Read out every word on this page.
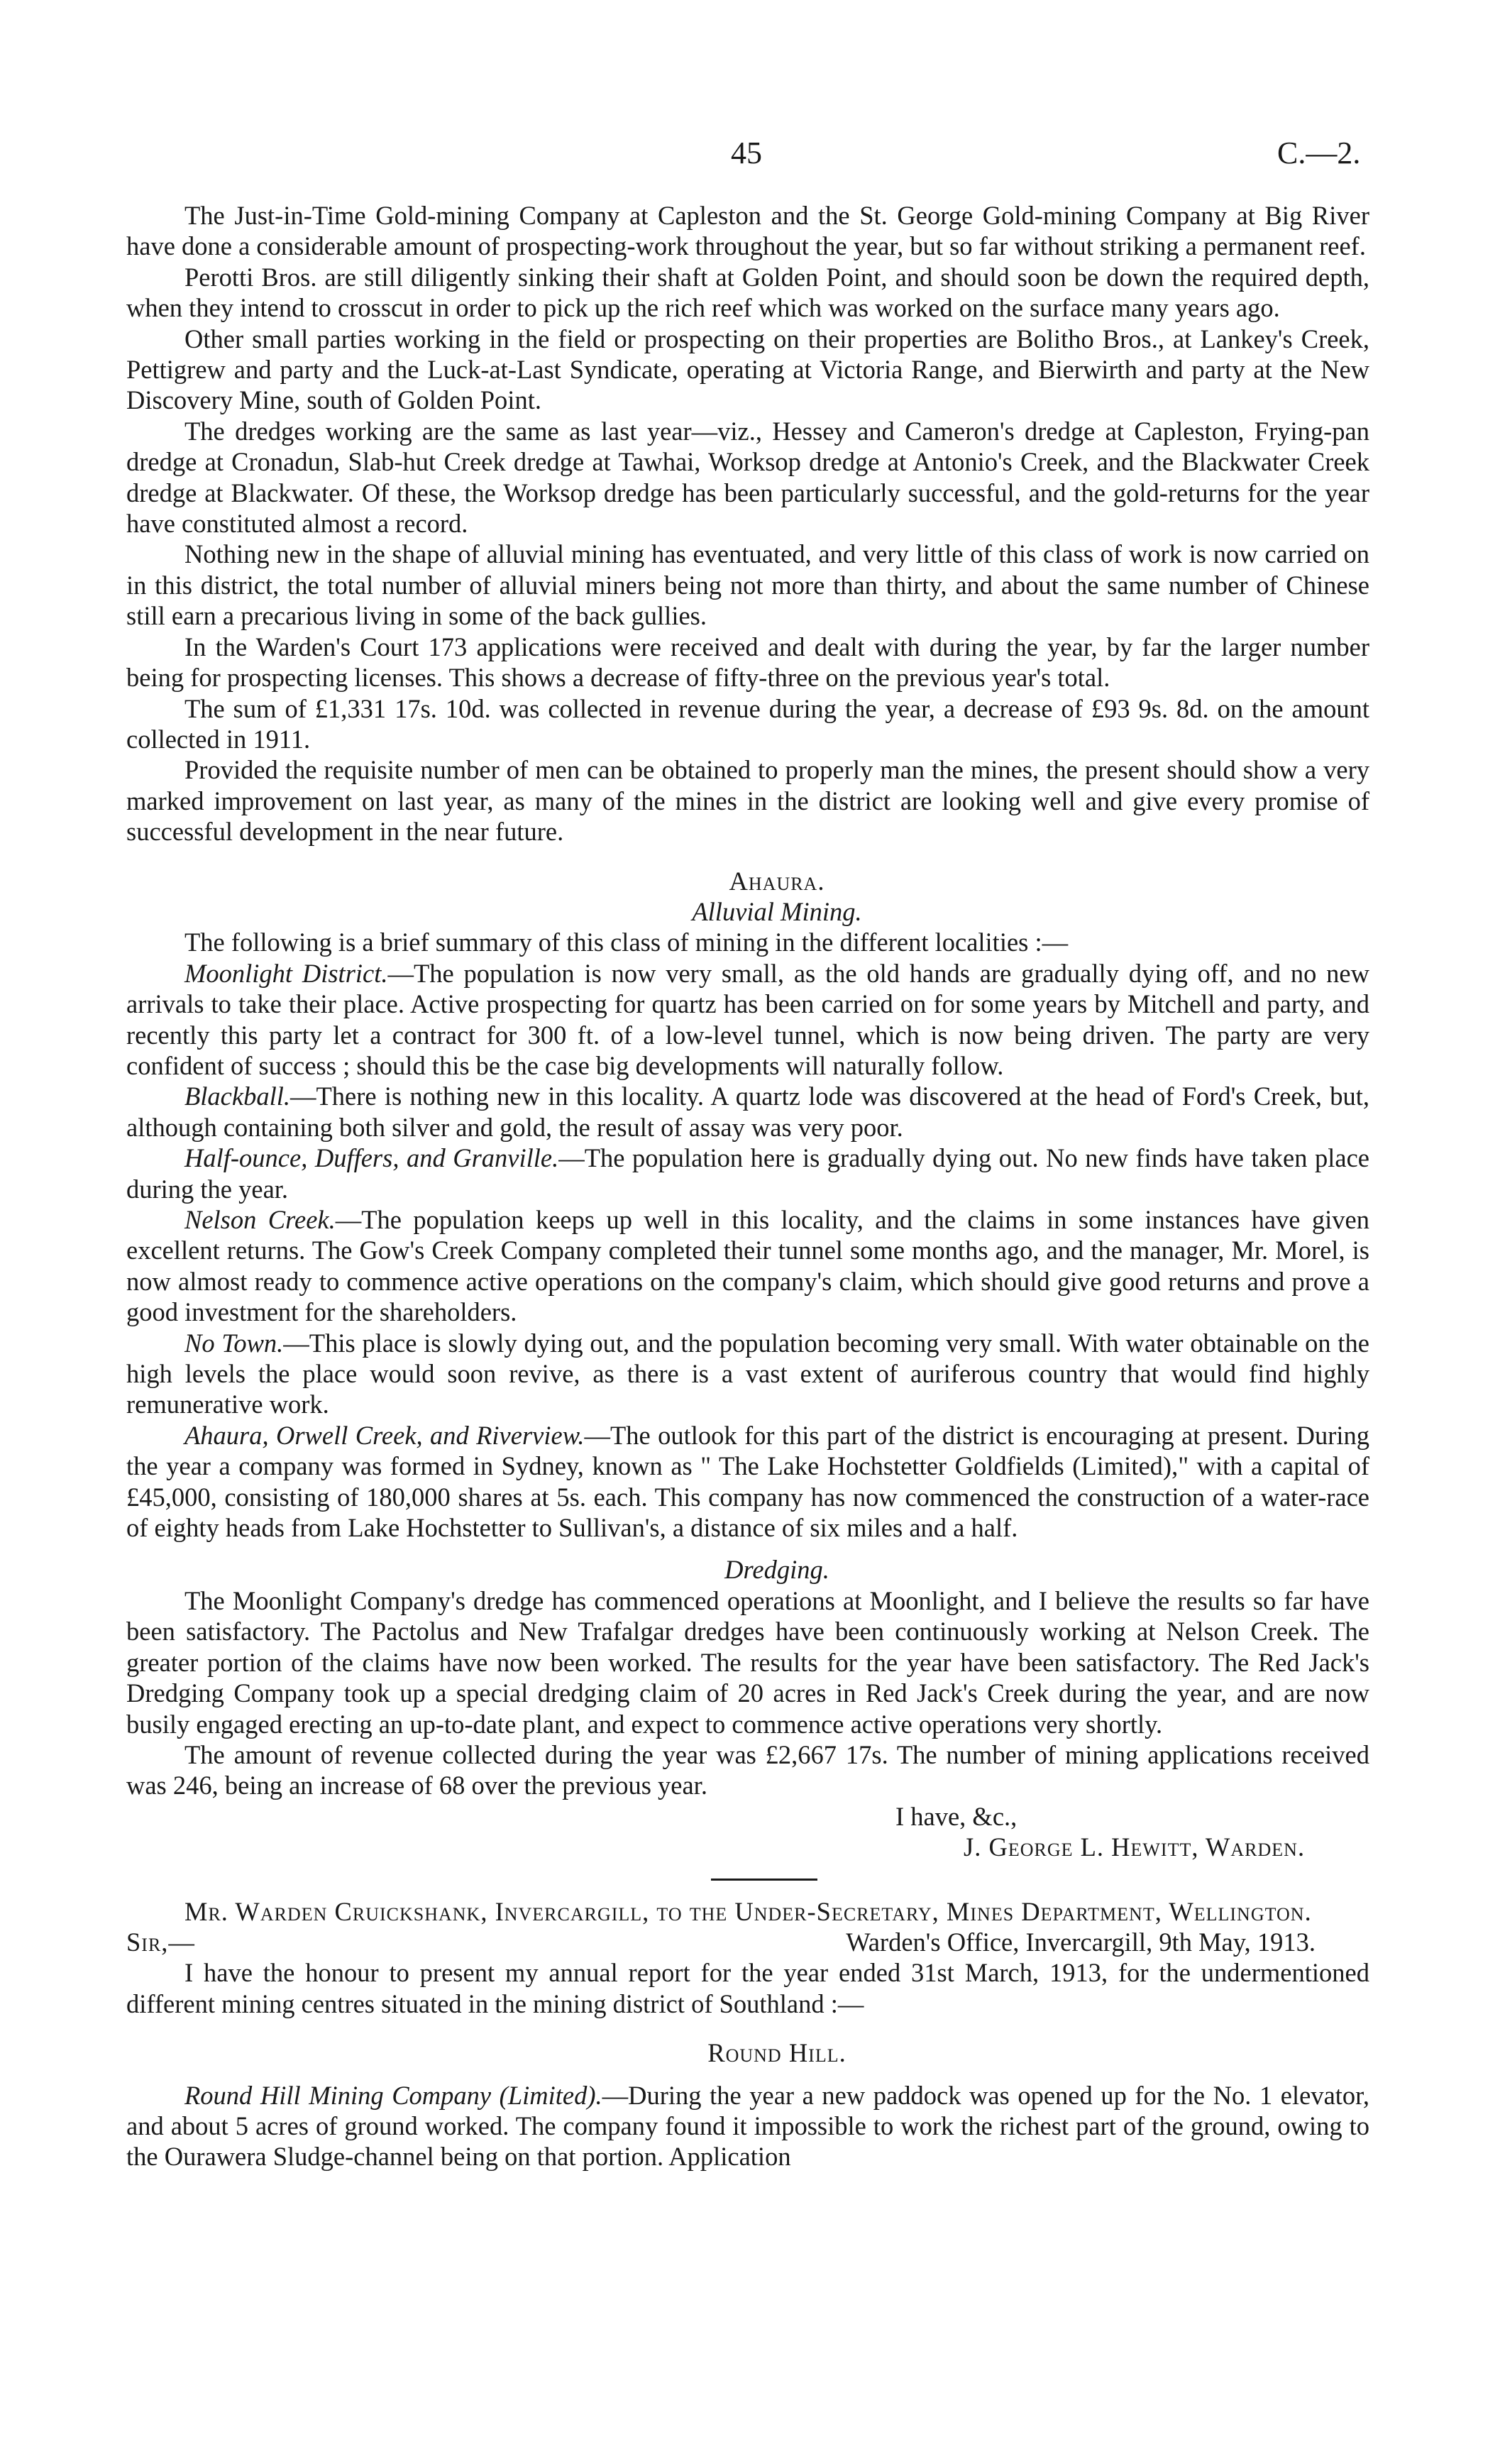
45	C.—2.

The Just-in-Time Gold-mining Company at Capleston and the St. George Gold-mining Company at Big River have done a considerable amount of prospecting-work throughout the year, but so far without striking a permanent reef.

Perotti Bros. are still diligently sinking their shaft at Golden Point, and should soon be down the required depth, when they intend to crosscut in order to pick up the rich reef which was worked on the surface many years ago.

Other small parties working in the field or prospecting on their properties are Bolitho Bros., at Lankey's Creek, Pettigrew and party and the Luck-at-Last Syndicate, operating at Victoria Range, and Bierwirth and party at the New Discovery Mine, south of Golden Point.

The dredges working are the same as last year—viz., Hessey and Cameron's dredge at Capleston, Frying-pan dredge at Cronadun, Slab-hut Creek dredge at Tawhai, Worksop dredge at Antonio's Creek, and the Blackwater Creek dredge at Blackwater. Of these, the Worksop dredge has been particularly successful, and the gold-returns for the year have constituted almost a record.

Nothing new in the shape of alluvial mining has eventuated, and very little of this class of work is now carried on in this district, the total number of alluvial miners being not more than thirty, and about the same number of Chinese still earn a precarious living in some of the back gullies.

In the Warden's Court 173 applications were received and dealt with during the year, by far the larger number being for prospecting licenses. This shows a decrease of fifty-three on the previous year's total.

The sum of £1,331 17s. 10d. was collected in revenue during the year, a decrease of £93 9s. 8d. on the amount collected in 1911.

Provided the requisite number of men can be obtained to properly man the mines, the present should show a very marked improvement on last year, as many of the mines in the district are looking well and give every promise of successful development in the near future.

Ahaura.

Alluvial Mining.

The following is a brief summary of this class of mining in the different localities :—

Moonlight District.—The population is now very small, as the old hands are gradually dying off, and no new arrivals to take their place. Active prospecting for quartz has been carried on for some years by Mitchell and party, and recently this party let a contract for 300 ft. of a low-level tunnel, which is now being driven. The party are very confident of success ; should this be the case big developments will naturally follow.

Blackball.—There is nothing new in this locality. A quartz lode was discovered at the head of Ford's Creek, but, although containing both silver and gold, the result of assay was very poor.

Half-ounce, Duffers, and Granville.—The population here is gradually dying out. No new finds have taken place during the year.

Nelson Creek.—The population keeps up well in this locality, and the claims in some instances have given excellent returns. The Gow's Creek Company completed their tunnel some months ago, and the manager, Mr. Morel, is now almost ready to commence active operations on the company's claim, which should give good returns and prove a good investment for the shareholders.

No Town.—This place is slowly dying out, and the population becoming very small. With water obtainable on the high levels the place would soon revive, as there is a vast extent of auriferous country that would find highly remunerative work.

Ahaura, Orwell Creek, and Riverview.—The outlook for this part of the district is encouraging at present. During the year a company was formed in Sydney, known as " The Lake Hochstetter Goldfields (Limited)," with a capital of £45,000, consisting of 180,000 shares at 5s. each. This company has now commenced the construction of a water-race of eighty heads from Lake Hochstetter to Sullivan's, a distance of six miles and a half.

Dredging.

The Moonlight Company's dredge has commenced operations at Moonlight, and I believe the results so far have been satisfactory. The Pactolus and New Trafalgar dredges have been continuously working at Nelson Creek. The greater portion of the claims have now been worked. The results for the year have been satisfactory. The Red Jack's Dredging Company took up a special dredging claim of 20 acres in Red Jack's Creek during the year, and are now busily engaged erecting an up-to-date plant, and expect to commence active operations very shortly.

The amount of revenue collected during the year was £2,667 17s. The number of mining applications received was 246, being an increase of 68 over the previous year.

I have, &c.,

J. George L. Hewitt, Warden.

Mr. Warden Cruickshank, Invercargill, to the Under-Secretary, Mines Department, Wellington.

Sir,—	Warden's Office, Invercargill, 9th May, 1913.

I have the honour to present my annual report for the year ended 31st March, 1913, for the undermentioned different mining centres situated in the mining district of Southland :—

Round Hill.

Round Hill Mining Company (Limited).—During the year a new paddock was opened up for the No. 1 elevator, and about 5 acres of ground worked. The company found it impossible to work the richest part of the ground, owing to the Ourawera Sludge-channel being on that portion. Application
